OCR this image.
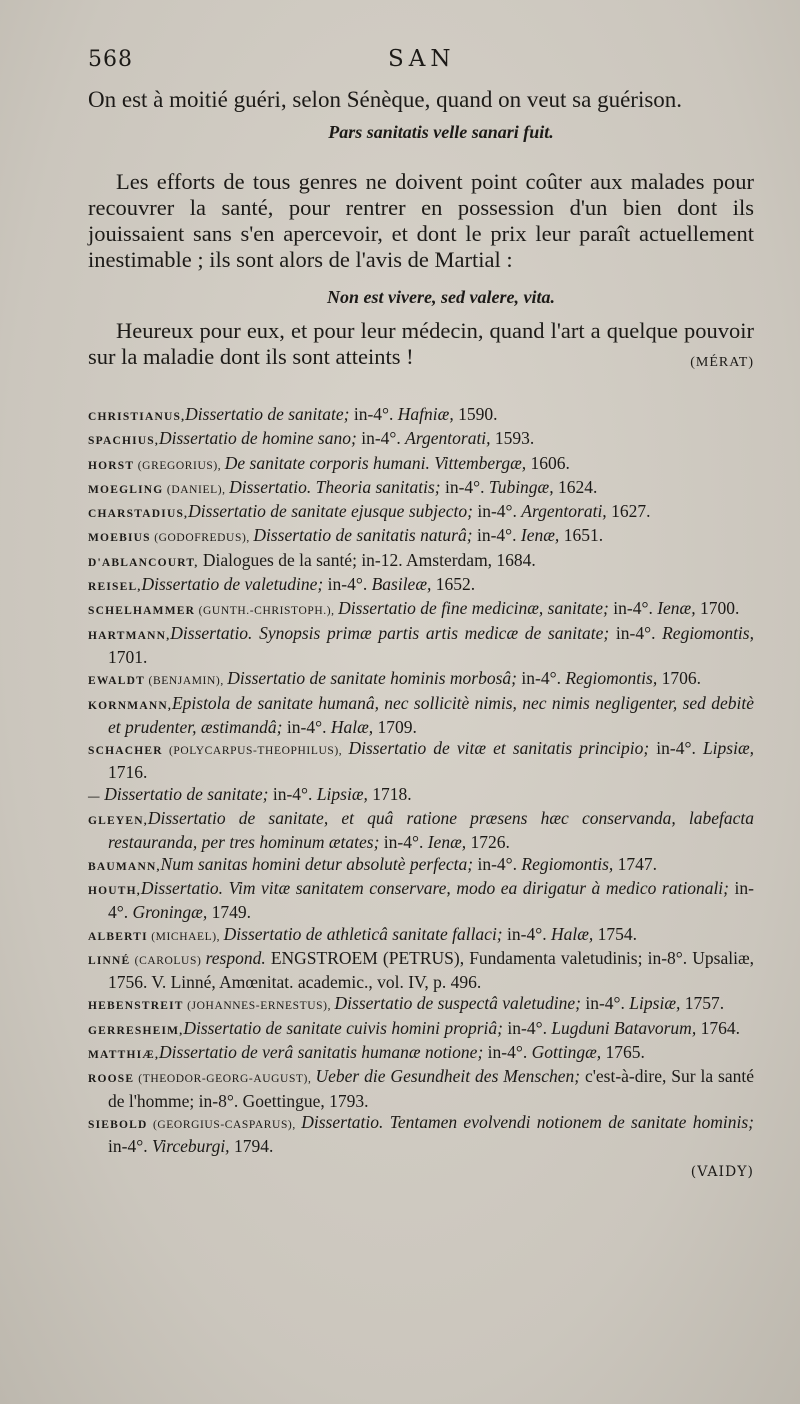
568	SAN

On est à moitié guéri, selon Sénèque, quand on veut sa guérison.

Pars sanitatis velle sanari fuit.

Les efforts de tous genres ne doivent point coûter aux malades pour recouvrer la santé, pour rentrer en possession d'un bien dont ils jouissaient sans s'en apercevoir, et dont le prix leur paraît actuellement inestimable ; ils sont alors de l'avis de Martial :

Non est vivere, sed valere, vita.

Heureux pour eux, et pour leur médecin, quand l'art a quelque pouvoir sur la maladie dont ils sont atteints !	(MÉRAT)

CHRISTIANUS,Dissertatio de sanitate; in-4°. Hafniæ, 1590.

SPACHIUS,Dissertatio de homine sano; in-4°. Argentorati, 1593.

HORST (GREGORIUS), De sanitate corporis humani. Vittembergæ, 1606.

MOEGLING (DANIEL), Dissertatio. Theoria sanitatis; in-4°. Tubingæ, 1624.

CHARSTADIUS,Dissertatio de sanitate ejusque subjecto; in-4°. Argentorati, 1627.

MOEBIUS (GODOFREDUS), Dissertatio de sanitatis naturâ; in-4°. Ienæ, 1651.

D'ABLANCOURT, Dialogues de la santé; in-12. Amsterdam, 1684.

REISEL,Dissertatio de valetudine; in-4°. Basileæ, 1652.

SCHELHAMMER (GUNTH.-CHRISTOPH.), Dissertatio de fine medicinæ, sanitate; in-4°. Ienæ, 1700.

HARTMANN,Dissertatio. Synopsis primæ partis artis medicæ de sanitate; in-4°. Regiomontis, 1701.

EWALDT (BENJAMIN), Dissertatio de sanitate hominis morbosâ; in-4°. Regiomontis, 1706.

KORNMANN,Epistola de sanitate humanâ, nec sollicitè nimis, nec nimis negligenter, sed debitè et prudenter, æstimandâ; in-4°. Halæ, 1709.

SCHACHER (POLYCARPUS-THEOPHILUS), Dissertatio de vitæ et sanitatis principio; in-4°. Lipsiæ, 1716.

— Dissertatio de sanitate; in-4°. Lipsiæ, 1718.

GLEYEN,Dissertatio de sanitate, et quâ ratione præsens hæc conservanda, labefacta restauranda, per tres hominum ætates; in-4°. Ienæ, 1726.

BAUMANN,Num sanitas homini detur absolutè perfecta; in-4°. Regiomontis, 1747.

HOUTH,Dissertatio. Vim vitæ sanitatem conservare, modo ea dirigatur à medico rationali; in-4°. Groningæ, 1749.

ALBERTI (MICHAEL), Dissertatio de athleticâ sanitate fallaci; in-4°. Halæ, 1754.

LINNÉ (CAROLUS) respond. ENGSTROEM (PETRUS), Fundamenta valetudinis; in-8°. Upsaliæ, 1756. V. Linné, Amœnitat. academic., vol. IV, p. 496.

HEBENSTREIT (JOHANNES-ERNESTUS), Dissertatio de suspectâ valetudine; in-4°. Lipsiæ, 1757.

GERRESHEIM,Dissertatio de sanitate cuivis homini propriâ; in-4°. Lugduni Batavorum, 1764.

MATTHIÆ,Dissertatio de verâ sanitatis humanæ notione; in-4°. Gottingæ, 1765.

ROOSE (THEODOR-GEORG-AUGUST), Ueber die Gesundheit des Menschen; c'est-à-dire, Sur la santé de l'homme; in-8°. Goettingue, 1793.

SIEBOLD (GEORGIUS-CASPARUS), Dissertatio. Tentamen evolvendi notionem de sanitate hominis; in-4°. Virceburgi, 1794.

(VAIDY)
